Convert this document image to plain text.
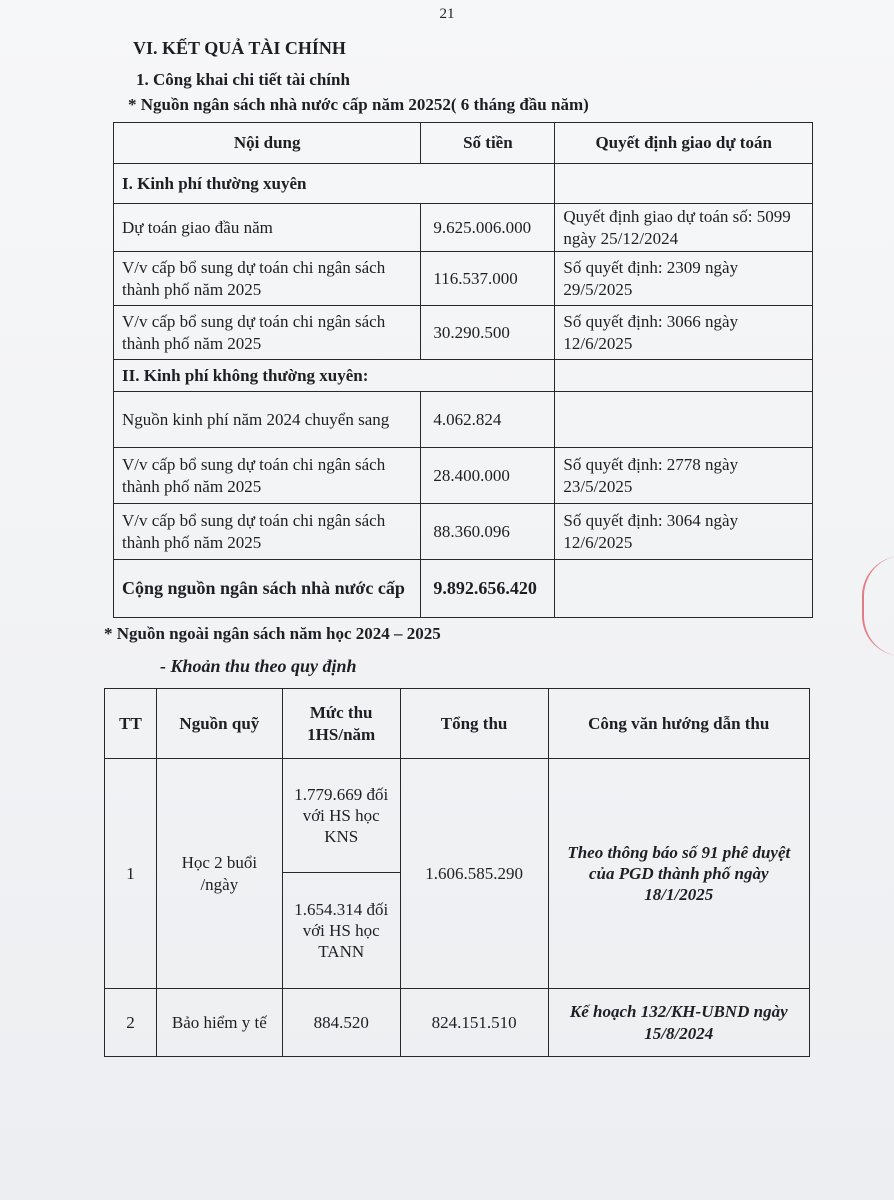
21
VI. KẾT QUẢ TÀI CHÍNH
1. Công khai chi tiết tài chính
* Nguồn ngân sách nhà nước cấp năm 20252( 6 tháng đầu năm)
Nội dung	Số tiền	Quyết định giao dự toán
I. Kinh phí thường xuyên		
Dự toán giao đầu năm	9.625.006.000	Quyết định giao dự toán số: 5099 ngày 25/12/2024
V/v cấp bổ sung dự toán chi ngân sách thành phố năm 2025	116.537.000	Số quyết định: 2309 ngày 29/5/2025
V/v cấp bổ sung dự toán chi ngân sách thành phố năm 2025	30.290.500	Số quyết định: 3066 ngày 12/6/2025
II. Kinh phí không thường xuyên:		
Nguồn kinh phí năm 2024 chuyển sang	4.062.824	
V/v cấp bổ sung dự toán chi ngân sách thành phố năm 2025	28.400.000	Số quyết định: 2778 ngày 23/5/2025
V/v cấp bổ sung dự toán chi ngân sách thành phố năm 2025	88.360.096	Số quyết định: 3064 ngày 12/6/2025
Cộng nguồn ngân sách nhà nước cấp	9.892.656.420	
* Nguồn ngoài ngân sách năm học 2024 – 2025
- Khoản thu theo quy định
TT	Nguồn quỹ	Mức thu 1HS/năm	Tổng thu	Công văn hướng dẫn thu
1	Học 2 buổi /ngày	1.779.669 đối với HS học KNS	1.606.585.290	Theo thông báo số 91 phê duyệt của PGD thành phố ngày 18/1/2025
		1.654.314 đối với HS học TANN		
2	Bảo hiểm y tế	884.520	824.151.510	Kế hoạch 132/KH-UBND ngày 15/8/2024
